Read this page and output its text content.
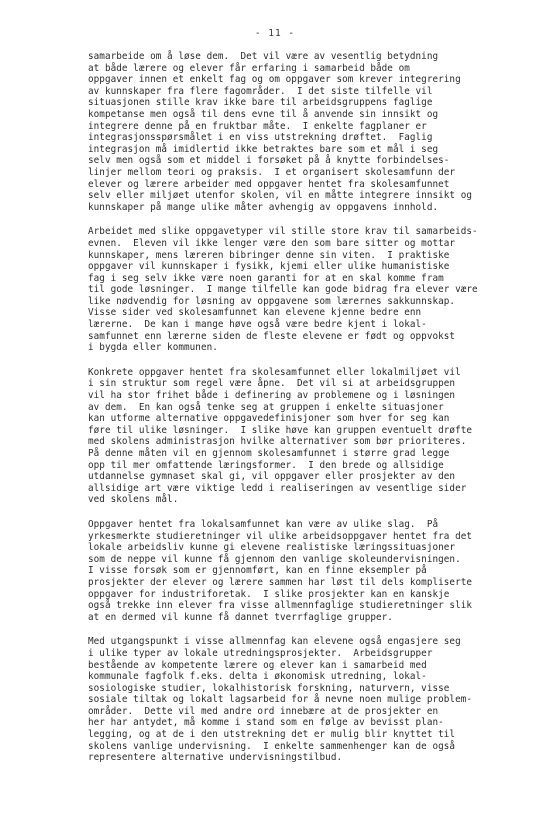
- 11 -
samarbeide om å løse dem.  Det vil være av vesentlig betydning
at både lærere og elever får erfaring i samarbeid både om
oppgaver innen et enkelt fag og om oppgaver som krever integrering
av kunnskaper fra flere fagområder.  I det siste tilfelle vil
situasjonen stille krav ikke bare til arbeidsgruppens faglige
kompetanse men også til dens evne til å anvende sin innsikt og
integrere denne på en fruktbar måte.  I enkelte fagplaner er
integrasjonsspørsmålet i en viss utstrekning drøftet.  Faglig
integrasjon må imidlertid ikke betraktes bare som et mål i seg
selv men også som et middel i forsøket på å knytte forbindelses-
linjer mellom teori og praksis.  I et organisert skolesamfunn der
elever og lærere arbeider med oppgaver hentet fra skolesamfunnet
selv eller miljøet utenfor skolen, vil en måtte integrere innsikt og
kunnskaper på mange ulike måter avhengig av oppgavens innhold.
Arbeidet med slike oppgavetyper vil stille store krav til samarbeids-
evnen.  Eleven vil ikke lenger være den som bare sitter og mottar
kunnskaper, mens læreren bibringer denne sin viten.  I praktiske
oppgaver vil kunnskaper i fysikk, kjemi eller ulike humanistiske
fag i seg selv ikke være noen garanti for at en skal komme fram
til gode løsninger.  I mange tilfelle kan gode bidrag fra elever være
like nødvendig for løsning av oppgavene som lærernes sakkunnskap.
Visse sider ved skolesamfunnet kan elevene kjenne bedre enn
lærerne.  De kan i mange høve også være bedre kjent i lokal-
samfunnet enn lærerne siden de fleste elevene er født og oppvokst
i bygda eller kommunen.
Konkrete oppgaver hentet fra skolesamfunnet eller lokalmiljøet vil
i sin struktur som regel være åpne.  Det vil si at arbeidsgruppen
vil ha stor frihet både i definering av problemene og i løsningen
av dem.  En kan også tenke seg at gruppen i enkelte situasjoner
kan utforme alternative oppgavedefinisjoner som hver for seg kan
føre til ulike løsninger.  I slike høve kan gruppen eventuelt drøfte
med skolens administrasjon hvilke alternativer som bør prioriteres.
På denne måten vil en gjennom skolesamfunnet i større grad legge
opp til mer omfattende læringsformer.  I den brede og allsidige
utdannelse gymnaset skal gi, vil oppgaver eller prosjekter av den
allsidige art være viktige ledd i realiseringen av vesentlige sider
ved skolens mål.
Oppgaver hentet fra lokalsamfunnet kan være av ulike slag.  På
yrkesmerkte studieretninger vil ulike arbeidsoppgaver hentet fra det
lokale arbeidsliv kunne gi elevene realistiske læringssituasjoner
som de neppe vil kunne få gjennom den vanlige skoleundervisningen.
I visse forsøk som er gjennomført, kan en finne eksempler på
prosjekter der elever og lærere sammen har løst til dels kompliserte
oppgaver for industriforetak.  I slike prosjekter kan en kanskje
også trekke inn elever fra visse allmennfaglige studieretninger slik
at en dermed vil kunne få dannet tverrfaglige grupper.
Med utgangspunkt i visse allmennfag kan elevene også engasjere seg
i ulike typer av lokale utredningsprosjekter.  Arbeidsgrupper
bestående av kompetente lærere og elever kan i samarbeid med
kommunale fagfolk f.eks. delta i økonomisk utredning, lokal-
sosiologiske studier, lokalhistorisk forskning, naturvern, visse
sosiale tiltak og lokalt lagsarbeid for å nevne noen mulige problem-
områder.  Dette vil med andre ord innebære at de prosjekter en
her har antydet, må komme i stand som en følge av bevisst plan-
legging, og at de i den utstrekning det er mulig blir knyttet til
skolens vanlige undervisning.  I enkelte sammenhenger kan de også
representere alternative undervisningstilbud.
